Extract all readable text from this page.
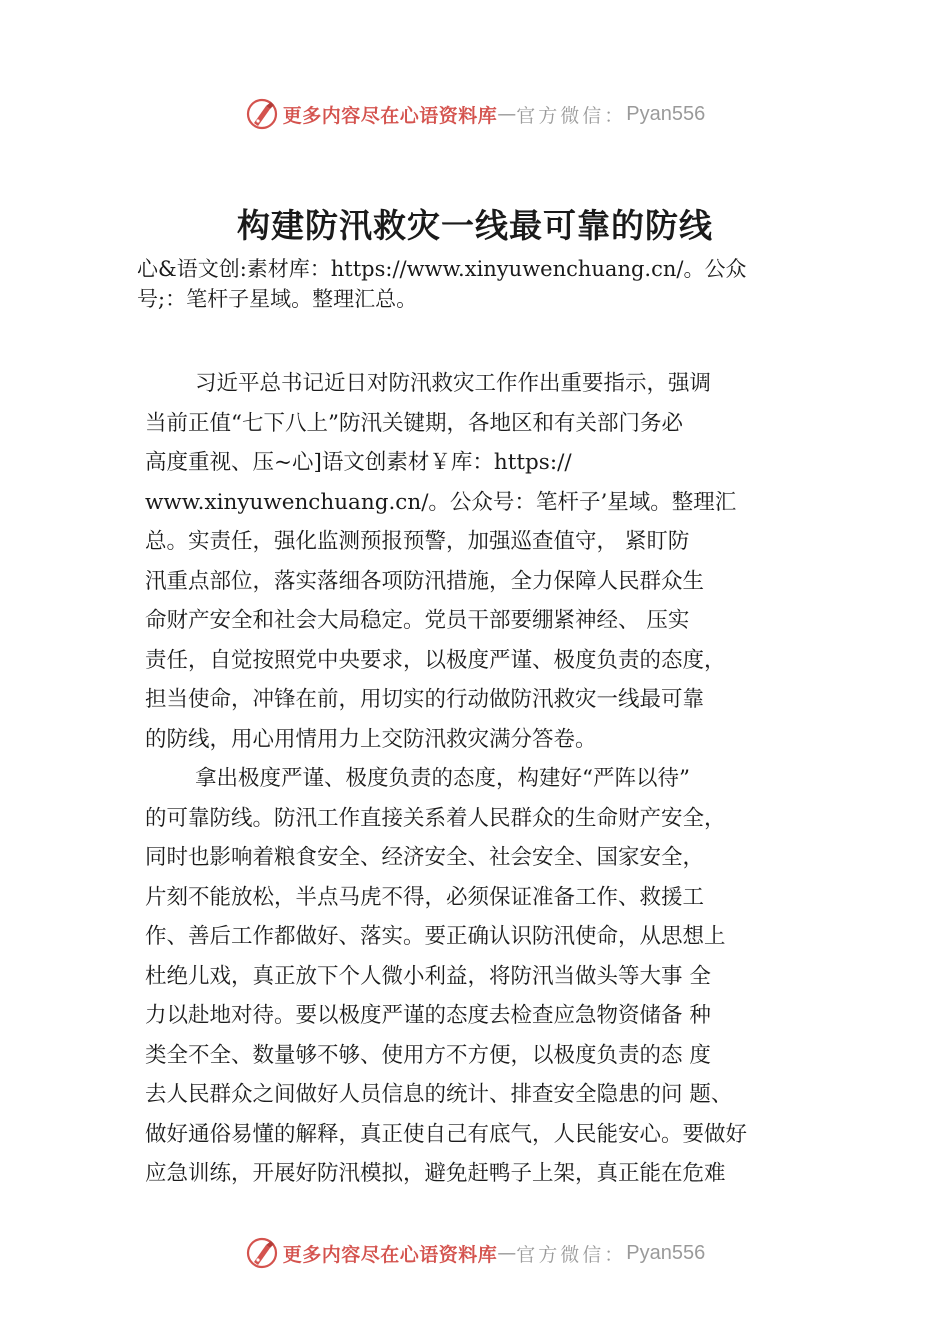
更多内容尽在心语资料库 — 官方微信： Pyan556
构建防汛救灾一线最可靠的防线
心&语文创:素材库：https://www.xinyuwenchuang.cn/。公众
号;：笔杆子星域。整理汇总。
习近平总书记近日对防汛救灾工作作出重要指示，强调
当前正值“七下八上”防汛关键期，各地区和有关部门务必
高度重视、压~心]语文创素材￥库：https://
www.xinyuwenchuang.cn/。公众号：笔杆子’星域。整理汇
总。实责任，强化监测预报预警，加强巡查值守， 紧盯防
汛重点部位，落实落细各项防汛措施，全力保障人民群众生
命财产安全和社会大局稳定。党员干部要绷紧神经、 压实
责任，自觉按照党中央要求，以极度严谨、极度负责的态度，
担当使命，冲锋在前，用切实的行动做防汛救灾一线最可靠
的防线，用心用情用力上交防汛救灾满分答卷。
拿出极度严谨、极度负责的态度，构建好“严阵以待”
的可靠防线。防汛工作直接关系着人民群众的生命财产安全，
同时也影响着粮食安全、经济安全、社会安全、国家安全，
片刻不能放松，半点马虎不得，必须保证准备工作、救援工
作、善后工作都做好、落实。要正确认识防汛使命，从思想上
杜绝儿戏，真正放下个人微小利益，将防汛当做头等大事 全
力以赴地对待。要以极度严谨的态度去检查应急物资储备 种
类全不全、数量够不够、使用方不方便，以极度负责的态 度
去人民群众之间做好人员信息的统计、排查安全隐患的问 题、
做好通俗易懂的解释，真正使自己有底气，人民能安心。要做好
应急训练，开展好防汛模拟，避免赶鸭子上架，真正能在危难
更多内容尽在心语资料库 — 官方微信： Pyan556
